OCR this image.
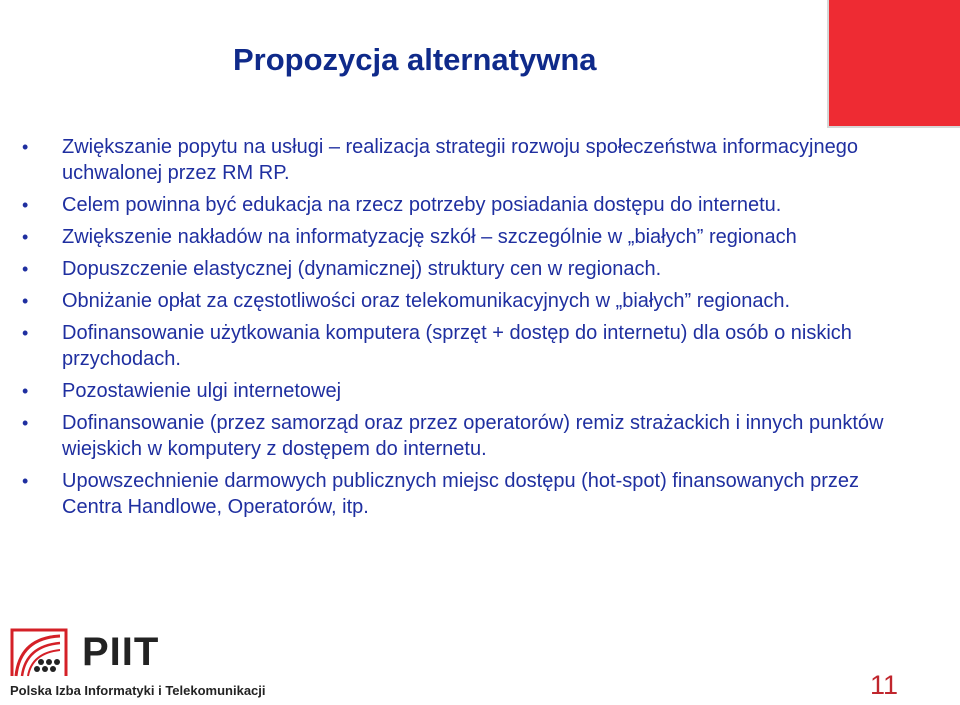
Propozycja alternatywna
• Zwiększanie popytu na usługi – realizacja strategii rozwoju społeczeństwa informacyjnego uchwalonej przez RM RP.
• Celem powinna być edukacja na rzecz potrzeby posiadania dostępu do internetu.
• Zwiększenie nakładów na informatyzację szkół – szczególnie w „białych” regionach
• Dopuszczenie elastycznej (dynamicznej) struktury cen w regionach.
• Obniżanie opłat za częstotliwości oraz telekomunikacyjnych w „białych” regionach.
• Dofinansowanie użytkowania komputera (sprzęt + dostęp do internetu) dla osób o niskich przychodach.
• Pozostawienie ulgi internetowej
• Dofinansowanie (przez samorząd oraz przez operatorów) remiz strażackich i innych punktów wiejskich w komputery z dostępem do internetu.
• Upowszechnienie darmowych publicznych miejsc dostępu (hot-spot) finansowanych przez Centra Handlowe, Operatorów, itp.
PIIT
Polska Izba Informatyki i Telekomunikacji	11
